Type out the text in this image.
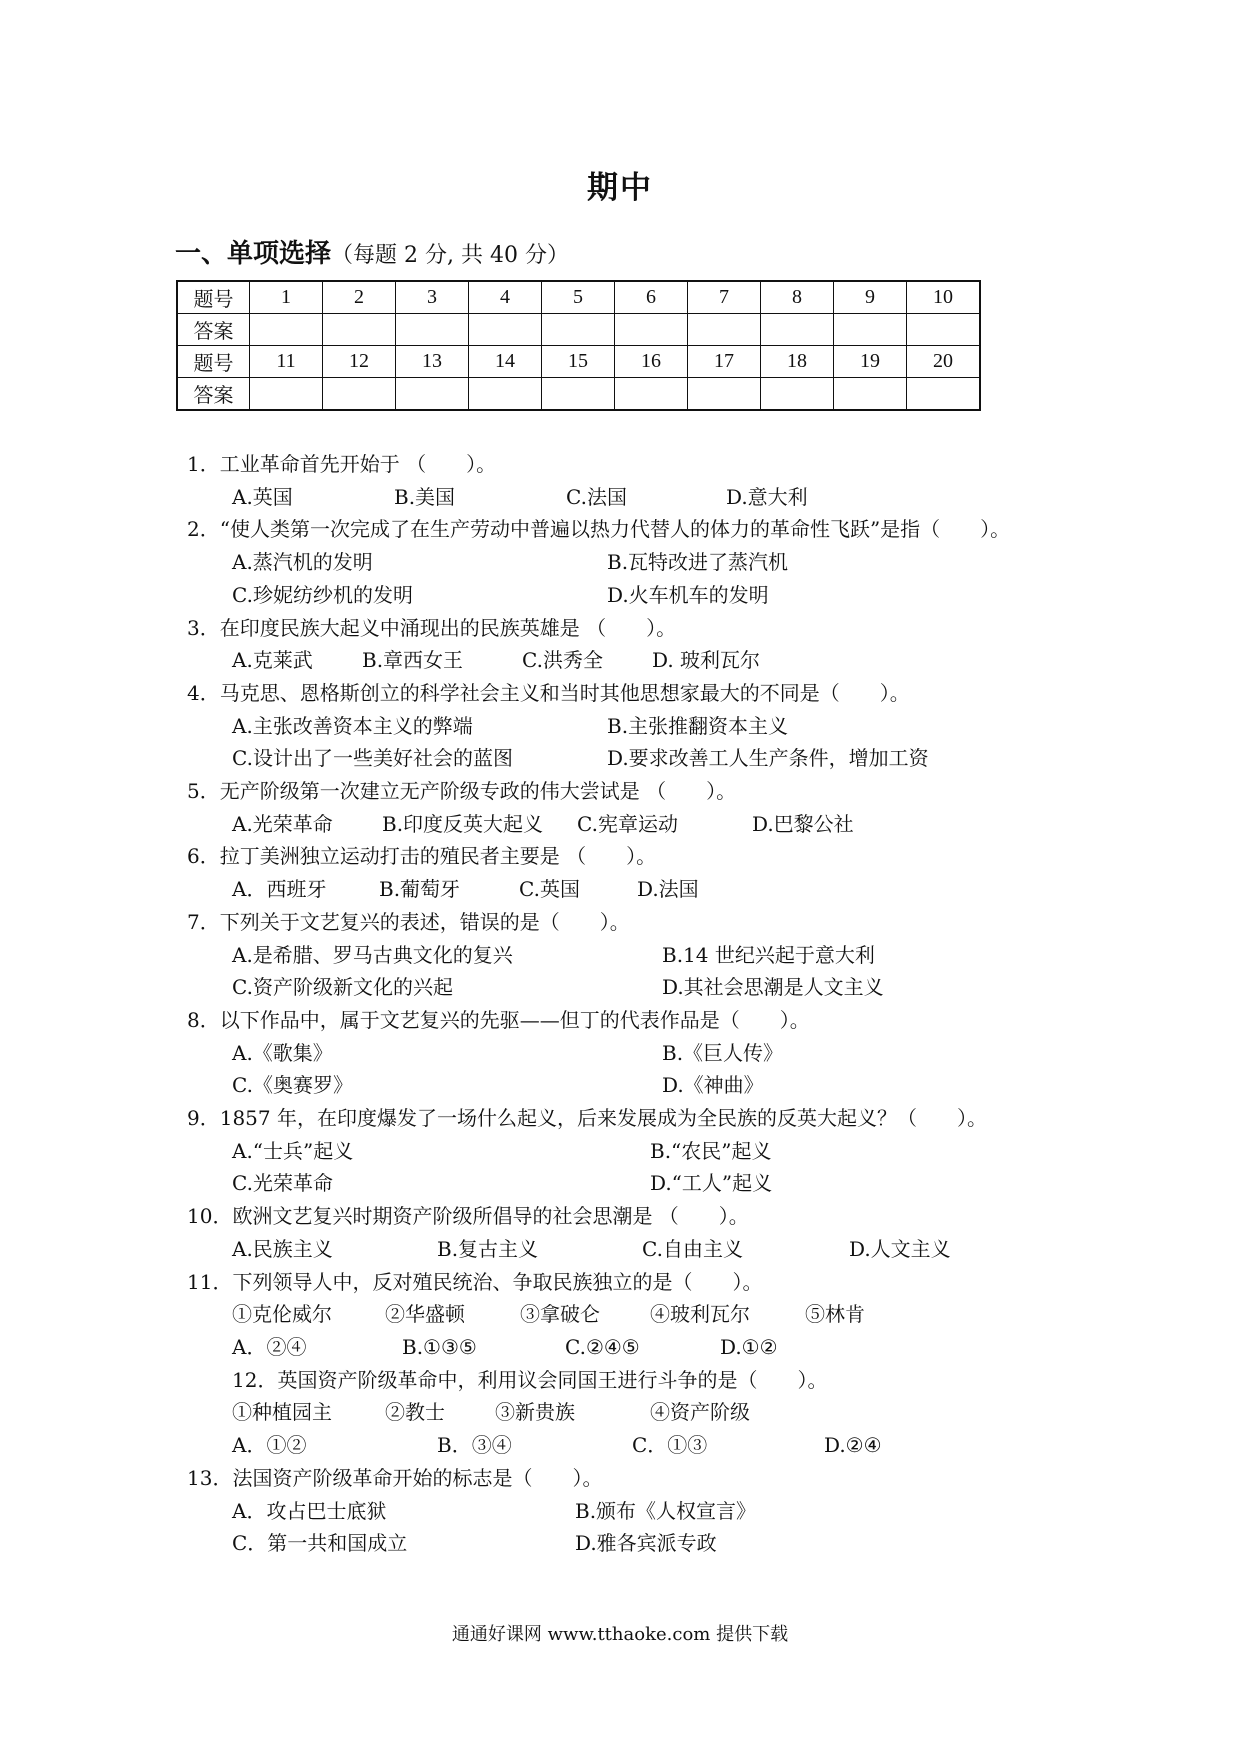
期中
一、单项选择（每题 2 分, 共 40 分）
题号	1	2	3	4	5	6	7	8	9	10
答案										
题号	11	12	13	14	15	16	17	18	19	20
答案										
1．工业革命首先开始于 （　　）。
A.英国	B.美国	C.法国	D.意大利
2．“使人类第一次完成了在生产劳动中普遍以热力代替人的体力的革命性飞跃”是指（　　）。
A.蒸汽机的发明	B.瓦特改进了蒸汽机
C.珍妮纺纱机的发明	D.火车机车的发明
3．在印度民族大起义中涌现出的民族英雄是 （　　）。
A.克莱武	B.章西女王	C.洪秀全	D. 玻利瓦尔
4．马克思、恩格斯创立的科学社会主义和当时其他思想家最大的不同是（　　）。
A.主张改善资本主义的弊端	B.主张推翻资本主义
C.设计出了一些美好社会的蓝图	D.要求改善工人生产条件，增加工资
5．无产阶级第一次建立无产阶级专政的伟大尝试是 （　　）。
A.光荣革命	B.印度反英大起义	C.宪章运动	D.巴黎公社
6．拉丁美洲独立运动打击的殖民者主要是 （　　）。
A．西班牙	B.葡萄牙	C.英国	D.法国
7．下列关于文艺复兴的表述，错误的是（　　）。
A.是希腊、罗马古典文化的复兴	B.14 世纪兴起于意大利
C.资产阶级新文化的兴起	D.其社会思潮是人文主义
8．以下作品中，属于文艺复兴的先驱——但丁的代表作品是（　　）。
A.《歌集》	B.《巨人传》
C.《奥赛罗》	D.《神曲》
9．1857 年，在印度爆发了一场什么起义，后来发展成为全民族的反英大起义？（　　）。
A.“士兵”起义	B.“农民”起义
C.光荣革命	D.“工人”起义
10．欧洲文艺复兴时期资产阶级所倡导的社会思潮是 （　　）。
A.民族主义	B.复古主义	C.自由主义	D.人文主义
11．下列领导人中，反对殖民统治、争取民族独立的是（　　）。
①克伦威尔	②华盛顿	③拿破仑	④玻利瓦尔	⑤林肯
A．②④	B.①③⑤	C.②④⑤	D.①②
12．英国资产阶级革命中，利用议会同国王进行斗争的是（　　）。
①种植园主	②教士	③新贵族	④资产阶级
A．①②	B．③④	C．①③	D.②④
13．法国资产阶级革命开始的标志是（　　）。
A．攻占巴士底狱	B.颁布《人权宣言》
C．第一共和国成立	D.雅各宾派专政
通通好课网 www.tthaoke.com 提供下载
